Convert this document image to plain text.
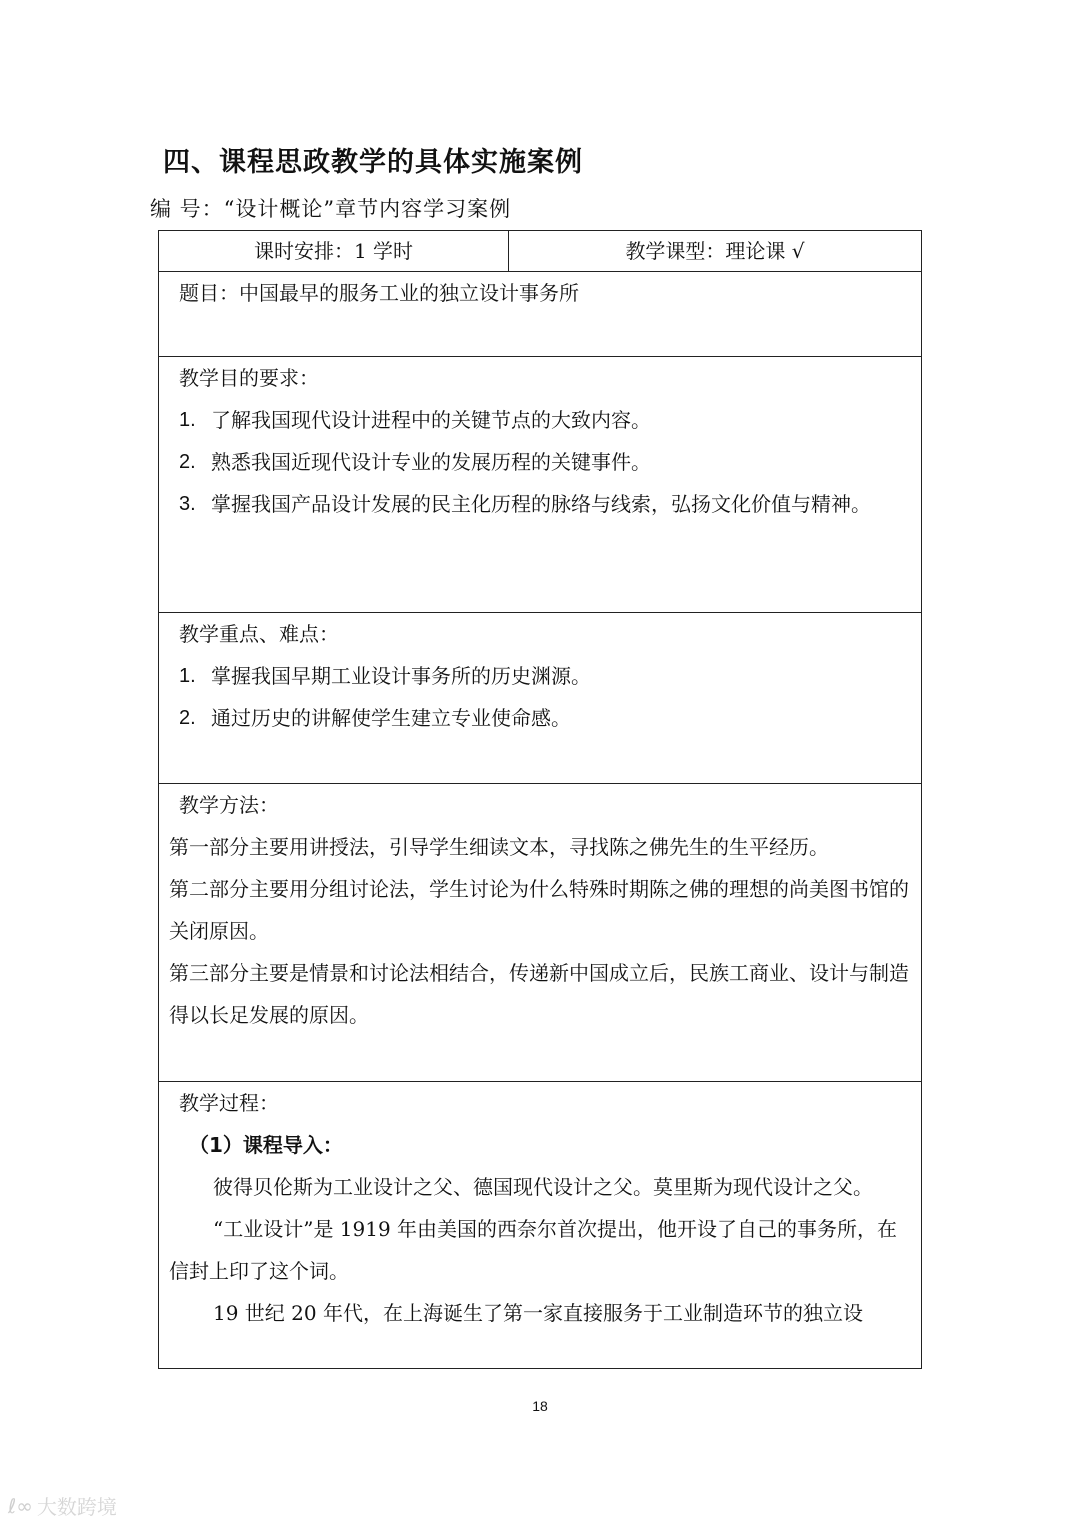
四、课程思政教学的具体实施案例
编 号：“设计概论”章节内容学习案例
课时安排：1 学时	教学课型：理论课 √

题目：中国最早的服务工业的独立设计事务所

教学目的要求：
1. 了解我国现代设计进程中的关键节点的大致内容。
2. 熟悉我国近现代设计专业的发展历程的关键事件。
3. 掌握我国产品设计发展的民主化历程的脉络与线索，弘扬文化价值与精神。

教学重点、难点：
1. 掌握我国早期工业设计事务所的历史渊源。
2. 通过历史的讲解使学生建立专业使命感。

教学方法：

第一部分主要用讲授法，引导学生细读文本，寻找陈之佛先生的生平经历。

第二部分主要用分组讨论法，学生讨论为什么特殊时期陈之佛的理想的尚美图书馆的关闭原因。

第三部分主要是情景和讨论法相结合，传递新中国成立后，民族工商业、设计与制造得以长足发展的原因。

教学过程：
（1）课程导入：

彼得贝伦斯为工业设计之父、德国现代设计之父。莫里斯为现代设计之父。

“工业设计”是 1919 年由美国的西奈尔首次提出，他开设了自己的事务所，在信封上印了这个词。

19 世纪 20 年代，在上海诞生了第一家直接服务于工业制造环节的独立设

18
ℓ∞ 大数跨境
